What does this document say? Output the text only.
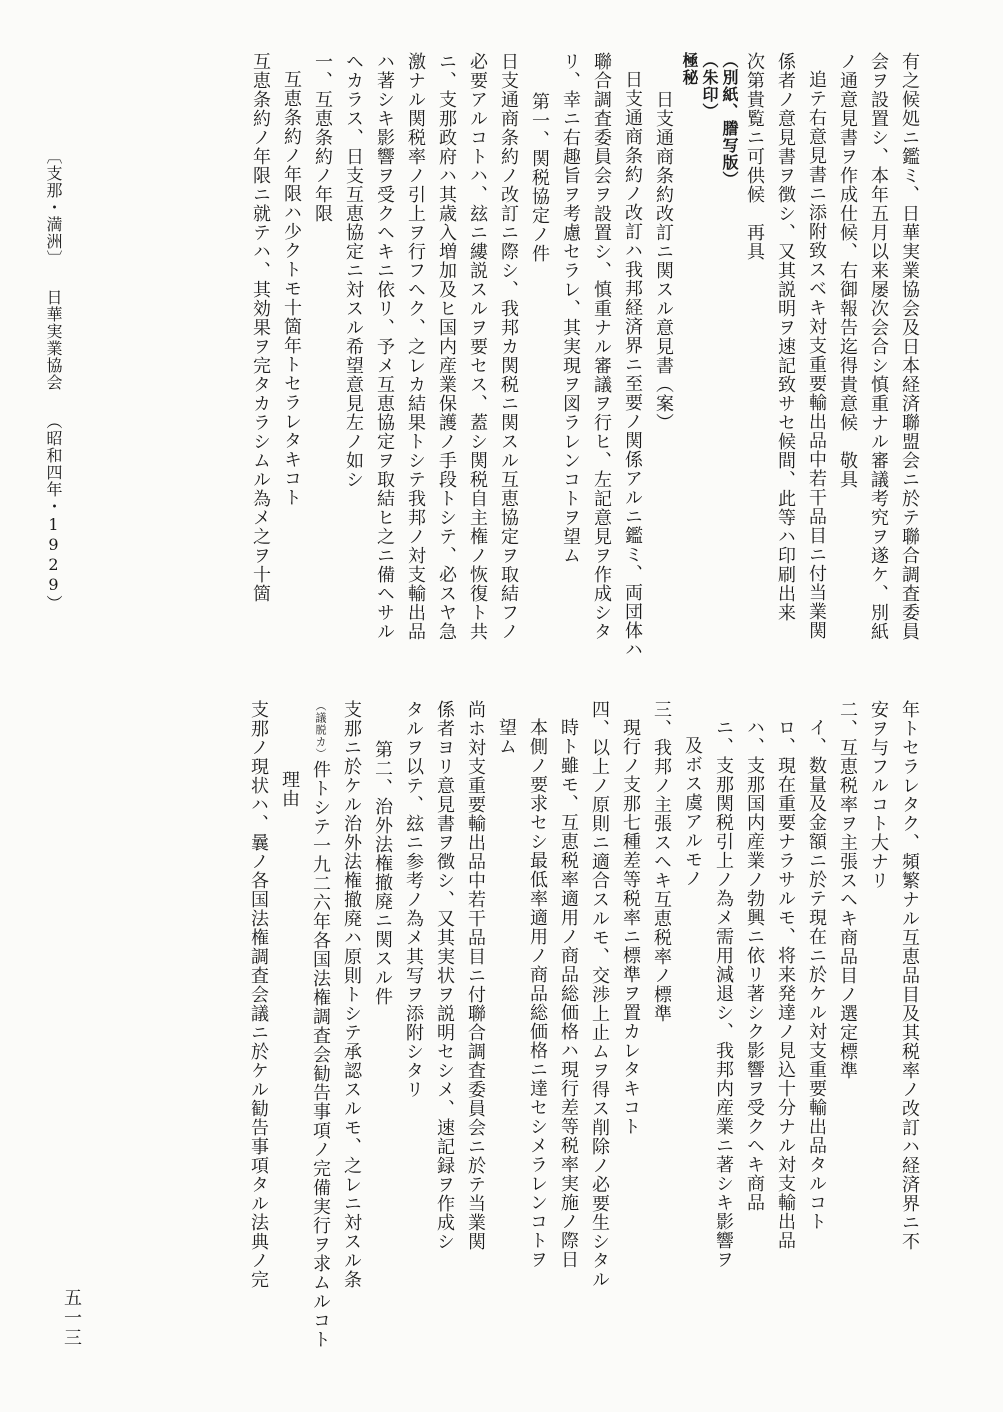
有之候処ニ鑑ミ、日華実業協会及日本経済聯盟会ニ於テ聯合調査委員
会ヲ設置シ、本年五月以来屡次会合シ慎重ナル審議考究ヲ遂ケ、別紙
ノ通意見書ヲ作成仕候、右御報告迄得貴意候　敬具
追テ右意見書ニ添附致スベキ対支重要輸出品中若干品目ニ付当業関
係者ノ意見書ヲ徴シ、又其説明ヲ速記致サセ候間、此等ハ印刷出来
次第貴覧ニ可供候　再具
（別紙、謄写版）
（朱印）
極秘
日支通商条約改訂ニ関スル意見書（案）
日支通商条約ノ改訂ハ我邦経済界ニ至要ノ関係アルニ鑑ミ、両団体ハ
聯合調査委員会ヲ設置シ、慎重ナル審議ヲ行ヒ、左記意見ヲ作成シタ
リ、幸ニ右趣旨ヲ考慮セラレ、其実現ヲ図ラレンコトヲ望ム
第一、関税協定ノ件
日支通商条約ノ改訂ニ際シ、我邦カ関税ニ関スル互恵協定ヲ取結フノ
必要アルコトハ、玆ニ縷説スルヲ要セス、蓋シ関税自主権ノ恢復ト共
ニ、支那政府ハ其歳入増加及ヒ国内産業保護ノ手段トシテ、必スヤ急
激ナル関税率ノ引上ヲ行フヘク、之レカ結果トシテ我邦ノ対支輸出品
ハ著シキ影響ヲ受クヘキニ依リ、予メ互恵協定ヲ取結ヒ之ニ備ヘサル
ヘカラス、日支互恵協定ニ対スル希望意見左ノ如シ
一、互恵条約ノ年限
互恵条約ノ年限ハ少クトモ十箇年トセラレタキコト
互恵条約ノ年限ニ就テハ、其効果ヲ完タカラシムル為メ之ヲ十箇
年トセラレタク、頻繁ナル互恵品目及其税率ノ改訂ハ経済界ニ不
安ヲ与フルコト大ナリ
二、互恵税率ヲ主張スヘキ商品目ノ選定標準
イ、数量及金額ニ於テ現在ニ於ケル対支重要輸出品タルコト
ロ、現在重要ナラサルモ、将来発達ノ見込十分ナル対支輸出品
ハ、支那国内産業ノ勃興ニ依リ著シク影響ヲ受クヘキ商品
ニ、支那関税引上ノ為メ需用減退シ、我邦内産業ニ著シキ影響ヲ
及ボス虞アルモノ
三、我邦ノ主張スヘキ互恵税率ノ標準
現行ノ支那七種差等税率ニ標準ヲ置カレタキコト
四、以上ノ原則ニ適合スルモ、交渉上止ムヲ得ス削除ノ必要生シタル
時ト雖モ、互恵税率適用ノ商品総価格ハ現行差等税率実施ノ際日
本側ノ要求セシ最低率適用ノ商品総価格ニ達セシメラレンコトヲ
望ム
尚ホ対支重要輸出品中若干品目ニ付聯合調査委員会ニ於テ当業関
係者ヨリ意見書ヲ徴シ、又其実状ヲ説明セシメ、速記録ヲ作成シ
タルヲ以テ、玆ニ参考ノ為メ其写ヲ添附シタリ
第二、治外法権撤廃ニ関スル件
支那ニ於ケル治外法権撤廃ハ原則トシテ承認スルモ、之レニ対スル条
（議脱カ）件トシテ一九二六年各国法権調査会勧告事項ノ完備実行ヲ求ムルコト
理由
支那ノ現状ハ、曩ノ各国法権調査会議ニ於ケル勧告事項タル法典ノ完
〔支那・満洲〕日華実業協会（昭和四年・1929）
五一三
